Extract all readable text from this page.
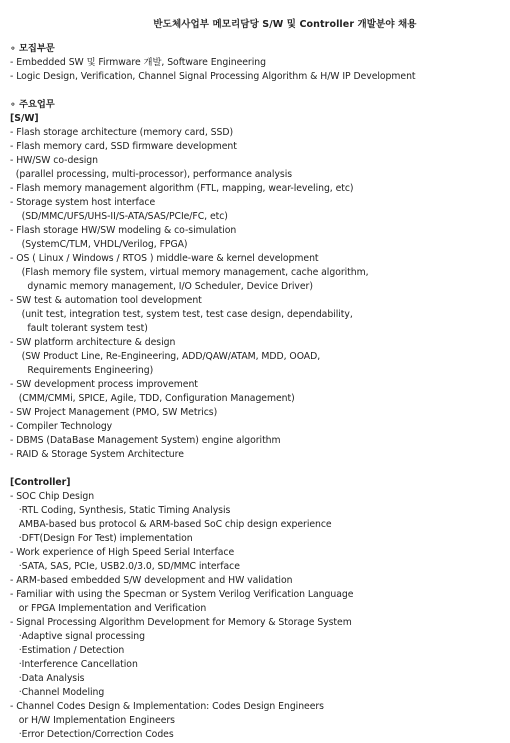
반도체사업부 메모리담당 S/W 및 Controller 개발분야 채용
∘ 모집부문
- Embedded SW 및 Firmware 개발, Software Engineering
- Logic Design, Verification, Channel Signal Processing Algorithm & H/W IP Development
∘ 주요업무
[S/W]
- Flash storage architecture (memory card, SSD)
- Flash memory card, SSD firmware development
- HW/SW co-design
(parallel processing, multi-processor), performance analysis
- Flash memory management algorithm (FTL, mapping, wear-leveling, etc)
- Storage system host interface
(SD/MMC/UFS/UHS-II/S-ATA/SAS/PCIe/FC, etc)
- Flash storage HW/SW modeling & co-simulation
(SystemC/TLM, VHDL/Verilog, FPGA)
- OS ( Linux / Windows / RTOS ) middle-ware & kernel development
(Flash memory file system, virtual memory management, cache algorithm,
dynamic memory management, I/O Scheduler, Device Driver)
- SW test & automation tool development
(unit test, integration test, system test, test case design, dependability,
fault tolerant system test)
- SW platform architecture & design
(SW Product Line, Re-Engineering, ADD/QAW/ATAM, MDD, OOAD,
Requirements Engineering)
- SW development process improvement
(CMM/CMMi, SPICE, Agile, TDD, Configuration Management)
- SW Project Management (PMO, SW Metrics)
- Compiler Technology
- DBMS (DataBase Management System) engine algorithm
- RAID & Storage System Architecture
[Controller]
- SOC Chip Design
·RTL Coding, Synthesis, Static Timing Analysis
AMBA-based bus protocol & ARM-based SoC chip design experience
·DFT(Design For Test) implementation
- Work experience of High Speed Serial Interface
·SATA, SAS, PCIe, USB2.0/3.0, SD/MMC interface
- ARM-based embedded S/W development and HW validation
- Familiar with using the Specman or System Verilog Verification Language
or FPGA Implementation and Verification
- Signal Processing Algorithm Development for Memory & Storage System
·Adaptive signal processing
·Estimation / Detection
·Interference Cancellation
·Data Analysis
·Channel Modeling
- Channel Codes Design & Implementation: Codes Design Engineers
or H/W Implementation Engineers
·Error Detection/Correction Codes
